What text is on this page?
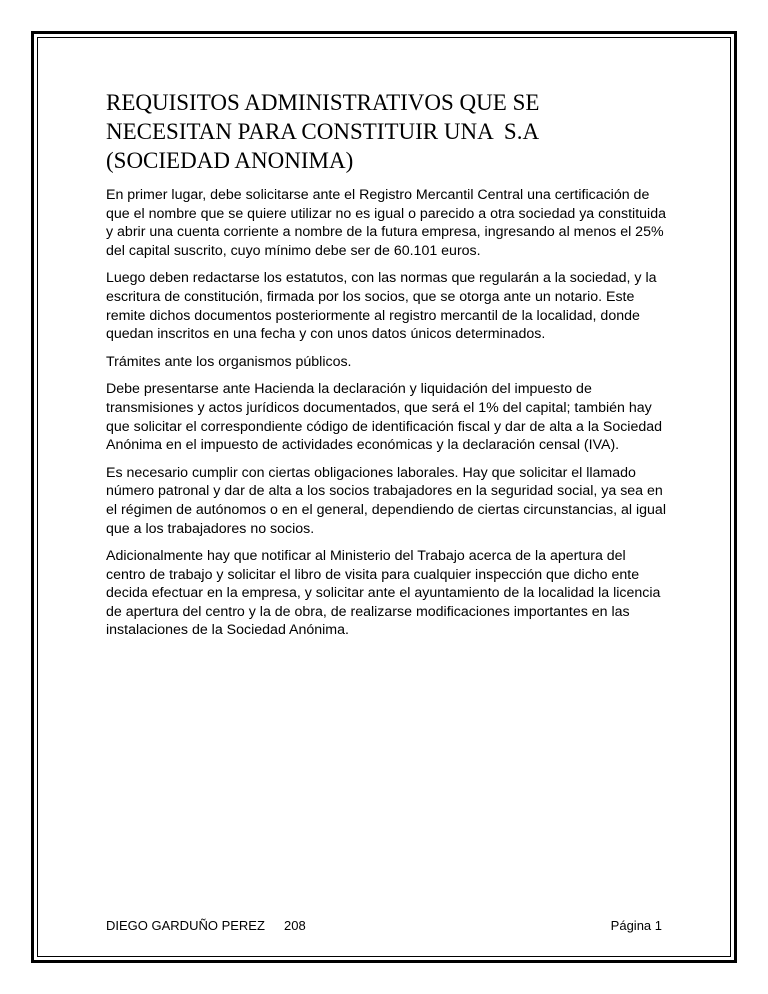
REQUISITOS ADMINISTRATIVOS QUE SE
NECESITAN PARA CONSTITUIR UNA  S.A
(SOCIEDAD ANONIMA)

En primer lugar, debe solicitarse ante el Registro Mercantil Central una certificación de que el nombre que se quiere utilizar no es igual o parecido a otra sociedad ya constituida y abrir una cuenta corriente a nombre de la futura empresa, ingresando al menos el 25% del capital suscrito, cuyo mínimo debe ser de 60.101 euros.

Luego deben redactarse los estatutos, con las normas que regularán a la sociedad, y la escritura de constitución, firmada por los socios, que se otorga ante un notario. Este remite dichos documentos posteriormente al registro mercantil de la localidad, donde quedan inscritos en una fecha y con unos datos únicos determinados.

Trámites ante los organismos públicos.

Debe presentarse ante Hacienda la declaración y liquidación del impuesto de transmisiones y actos jurídicos documentados, que será el 1% del capital; también hay que solicitar el correspondiente código de identificación fiscal y dar de alta a la Sociedad Anónima en el impuesto de actividades económicas y la declaración censal (IVA).

Es necesario cumplir con ciertas obligaciones laborales. Hay que solicitar el llamado número patronal y dar de alta a los socios trabajadores en la seguridad social, ya sea en el régimen de autónomos o en el general, dependiendo de ciertas circunstancias, al igual que a los trabajadores no socios.

Adicionalmente hay que notificar al Ministerio del Trabajo acerca de la apertura del centro de trabajo y solicitar el libro de visita para cualquier inspección que dicho ente decida efectuar en la empresa, y solicitar ante el ayuntamiento de la localidad la licencia de apertura del centro y la de obra, de realizarse modificaciones importantes en las instalaciones de la Sociedad Anónima.

DIEGO GARDUÑO PEREZ 208	Página 1
